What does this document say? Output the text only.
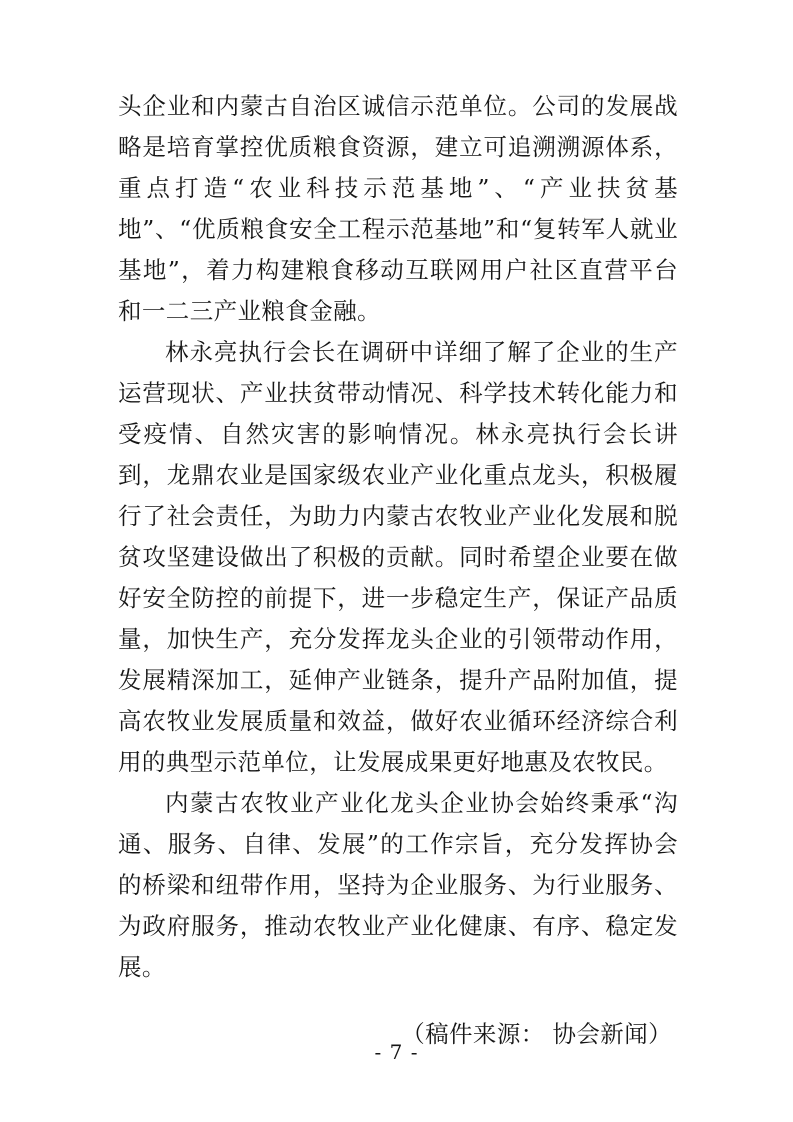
头企业和内蒙古自治区诚信示范单位。公司的发展战略是培育掌控优质粮食资源，建立可追溯溯源体系，重点打造“农业科技示范基地”、“产业扶贫基地”、“优质粮食安全工程示范基地”和“复转军人就业基地”，着力构建粮食移动互联网用户社区直营平台和一二三产业粮食金融。

林永亮执行会长在调研中详细了解了企业的生产运营现状、产业扶贫带动情况、科学技术转化能力和受疫情、自然灾害的影响情况。林永亮执行会长讲到，龙鼎农业是国家级农业产业化重点龙头，积极履行了社会责任，为助力内蒙古农牧业产业化发展和脱贫攻坚建设做出了积极的贡献。同时希望企业要在做好安全防控的前提下，进一步稳定生产，保证产品质量，加快生产，充分发挥龙头企业的引领带动作用，发展精深加工，延伸产业链条，提升产品附加值，提高农牧业发展质量和效益，做好农业循环经济综合利用的典型示范单位，让发展成果更好地惠及农牧民。

内蒙古农牧业产业化龙头企业协会始终秉承“沟通、服务、自律、发展”的工作宗旨，充分发挥协会的桥梁和纽带作用，坚持为企业服务、为行业服务、为政府服务，推动农牧业产业化健康、有序、稳定发展。

（稿件来源： 协会新闻）
- 7 -
